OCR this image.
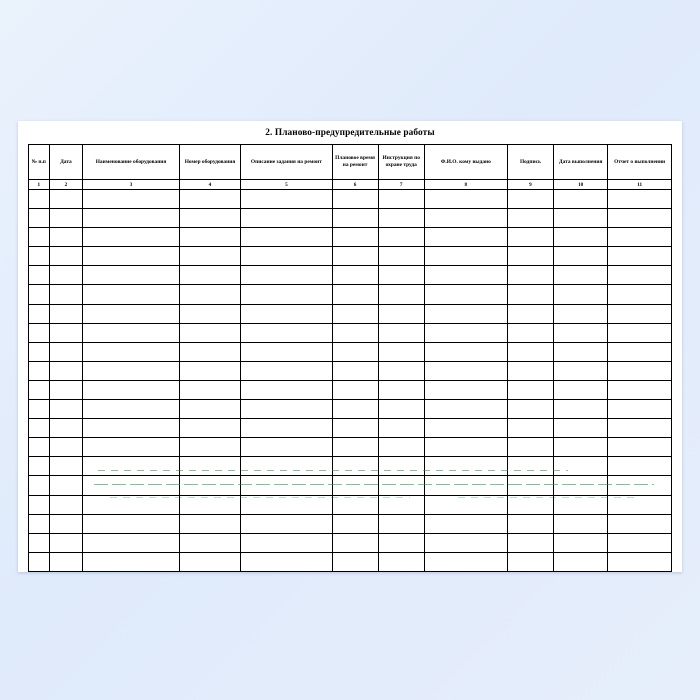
2. Планово-предупредительные работы
№ п.п	Дата	Наименование оборудования	Номер оборудования	Описание задания на ремонт	Плановое время на ремонт	Инструкция по охране труда	Ф.И.О. кому выдано	Подпись	Дата выполнения	Отчет о выполнении
1	2	3	4	5	6	7	8	9	10	11
